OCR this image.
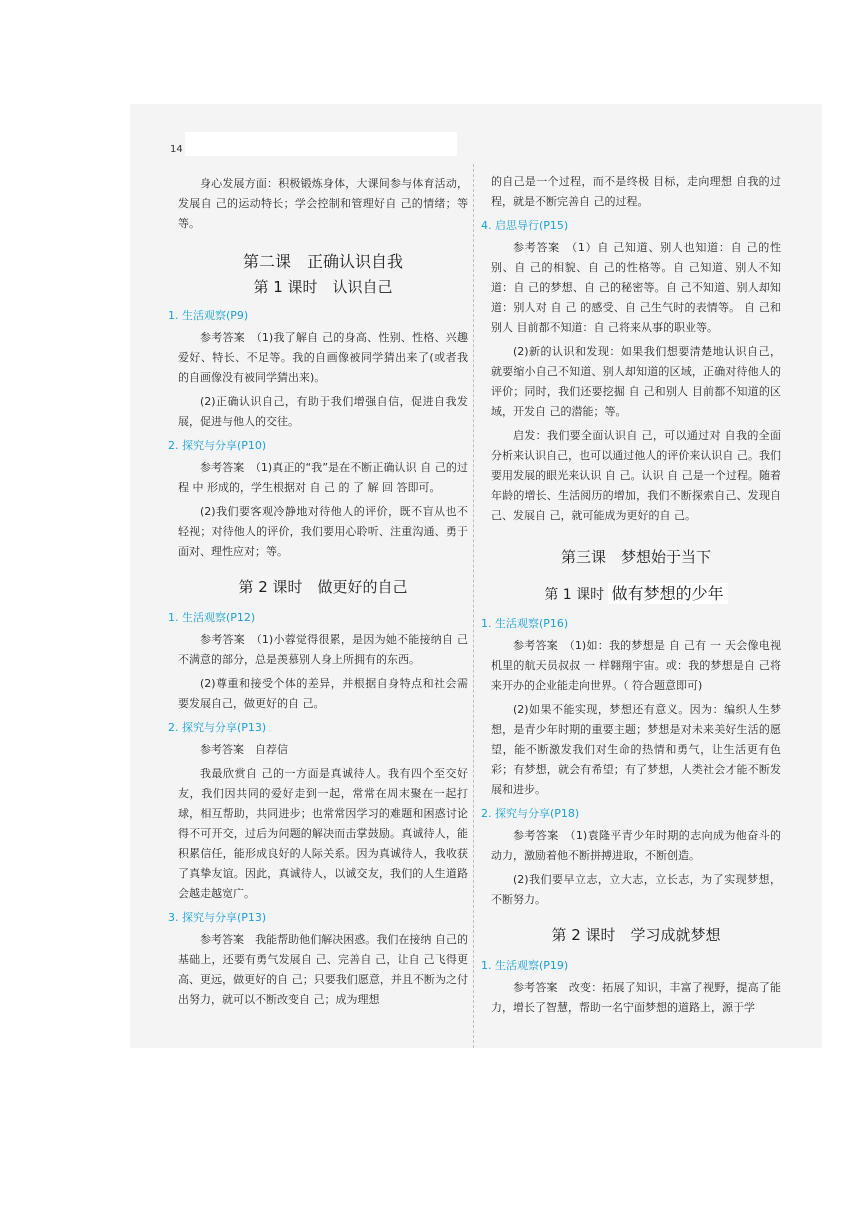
14

身心发展方面：积极锻炼身体，大课间参与体育活动，发展自 己的运动特长；学会控制和管理好自 己的情绪；等等。

第二课　正确认识自我
第 1 课时　认识自己
1. 生活观察(P9)

参考答案　（1)我了解自 己的身高、性别、性格、兴趣爱好、特长、不足等。我的自画像被同学猜出来了(或者我的自画像没有被同学猜出来)。

(2)正确认识自己，有助于我们增强自信，促进自我发展，促进与他人的交往。

2. 探究与分享(P10)

参考答案　（1)真正的“我”是在不断正确认识 自 己的过程 中 形成的，学生根据对 自 己 的 了 解 回 答即可。

(2)我们要客观冷静地对待他人的评价，既不盲从也不轻视；对待他人的评价，我们要用心聆听、注重沟通、勇于面对、理性应对；等。

第 2 课时　做更好的自己
1. 生活观察(P12)

参考答案　（1)小蓉觉得很累，是因为她不能接纳自 己不满意的部分，总是羡慕别人身上所拥有的东西。

(2)尊重和接受个体的差异，并根据自身特点和社会需要发展自己，做更好的自 己。

2. 探究与分享(P13)

参考答案　自荐信

我最欣赏自 己的一方面是真诚待人。我有四个至交好友，我们因共同的爱好走到一起，常常在周末聚在一起打球，相互帮助，共同进步；也常常因学习的难题和困惑讨论得不可开交，过后为问题的解决而击掌鼓励。真诚待人，能积累信任，能形成良好的人际关系。因为真诚待人，我收获了真挚友谊。因此，真诚待人，以诚交友，我们的人生道路会越走越宽广。

3. 探究与分享(P13)

参考答案　我能帮助他们解决困惑。我们在接纳 自己的基础上，还要有勇气发展自 己、完善自 己，让自 己飞得更高、更远，做更好的自 己；只要我们愿意，并且不断为之付出努力，就可以不断改变自 己；成为理想

的自己是一个过程，而不是终极 目标，走向理想 自我的过程，就是不断完善自 己的过程。

4. 启思导行(P15)

参考答案　（1）自 己知道、别人也知道：自 己的性别、自 己的相貌、自 己的性格等。自 己知道、别人不知道：自 己的梦想、自 己的秘密等。自 己不知道、别人却知道：别人对 自 己 的感受、自 己生气时的表情等。 自 己和别人 目前都不知道：自 己将来从事的职业等。

(2)新的认识和发现：如果我们想要清楚地认识自己，就要缩小自己不知道、别人却知道的区域，正确对待他人的评价；同时，我们还要挖掘 自 己和别人 目前都不知道的区域，开发自 己的潜能；等。

启发：我们要全面认识自 己，可以通过对 自我的全面分析来认识自己，也可以通过他人的评价来认识自 己。我们要用发展的眼光来认识 自 己。认识 自 己是一个过程。随着年龄的增长、生活阅历的增加，我们不断探索自己、发现自 己、发展自 己，就可能成为更好的自 己。

第三课　梦想始于当下
第 1 课时 做有梦想的少年
1. 生活观察(P16)

参考答案　（1)如：我的梦想是 自 己有 一 天会像电视机里的航天员叔叔 一 样翱翔宇宙。或：我的梦想是自 己将来开办的企业能走向世界。（ 符合题意即可)

(2)如果不能实现，梦想还有意义。因为：编织人生梦想，是青少年时期的重要主题；梦想是对未来美好生活的愿望，能不断激发我们对生命的热情和勇气，让生活更有色彩；有梦想，就会有希望；有了梦想，人类社会才能不断发展和进步。

2. 探究与分享(P18)

参考答案　（1)袁隆平青少年时期的志向成为他奋斗的动力，激励着他不断拼搏进取，不断创造。

(2)我们要早立志，立大志，立长志，为了实现梦想，不断努力。

第 2 课时　学习成就梦想
1. 生活观察(P19)

参考答案　改变：拓展了知识，丰富了视野，提高了能力，增长了智慧，帮助一名宁面梦想的道路上，源于学
